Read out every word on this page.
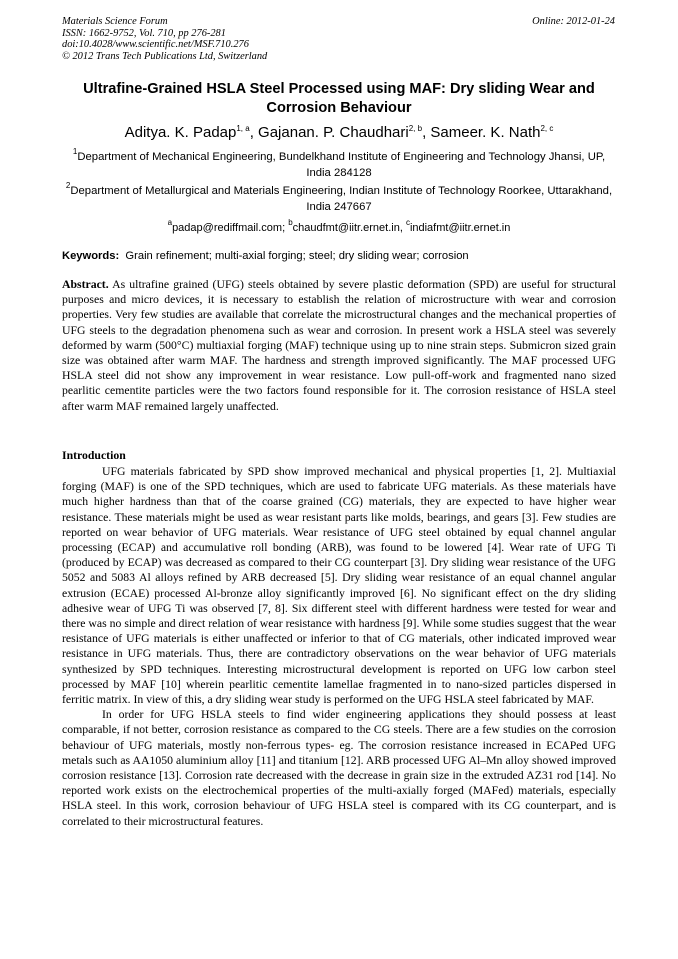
Materials Science Forum
ISSN: 1662-9752, Vol. 710, pp 276-281
doi:10.4028/www.scientific.net/MSF.710.276
© 2012 Trans Tech Publications Ltd, Switzerland
Online: 2012-01-24
Ultrafine-Grained HSLA Steel Processed using MAF: Dry sliding Wear and Corrosion Behaviour
Aditya. K. Padap$^{1, a}$, Gajanan. P. Chaudhari$^{2, b}$, Sameer. K. Nath$^{2, c}$
$^1$Department of Mechanical Engineering, Bundelkhand Institute of Engineering and Technology Jhansi, UP, India 284128
$^2$Department of Metallurgical and Materials Engineering, Indian Institute of Technology Roorkee, Uttarakhand, India 247667
$^a$padap@rediffmail.com; $^b$chaudfmt@iitr.ernet.in, $^c$indiafmt@iitr.ernet.in
Keywords: Grain refinement; multi-axial forging; steel; dry sliding wear; corrosion

Abstract. As ultrafine grained (UFG) steels obtained by severe plastic deformation (SPD) are useful for structural purposes and micro devices, it is necessary to establish the relation of microstructure with wear and corrosion properties. Very few studies are available that correlate the microstructural changes and the mechanical properties of UFG steels to the degradation phenomena such as wear and corrosion. In present work a HSLA steel was severely deformed by warm (500°C) multiaxial forging (MAF) technique using up to nine strain steps. Submicron sized grain size was obtained after warm MAF. The hardness and strength improved significantly. The MAF processed UFG HSLA steel did not show any improvement in wear resistance. Low pull-off-work and fragmented nano sized pearlitic cementite particles were the two factors found responsible for it. The corrosion resistance of HSLA steel after warm MAF remained largely unaffected.

Introduction

UFG materials fabricated by SPD show improved mechanical and physical properties [1, 2]. Multiaxial forging (MAF) is one of the SPD techniques, which are used to fabricate UFG materials. As these materials have much higher hardness than that of the coarse grained (CG) materials, they are expected to have higher wear resistance. These materials might be used as wear resistant parts like molds, bearings, and gears [3]. Few studies are reported on wear behavior of UFG materials. Wear resistance of UFG steel obtained by equal channel angular processing (ECAP) and accumulative roll bonding (ARB), was found to be lowered [4]. Wear rate of UFG Ti (produced by ECAP) was decreased as compared to their CG counterpart [3]. Dry sliding wear resistance of the UFG 5052 and 5083 Al alloys refined by ARB decreased [5]. Dry sliding wear resistance of an equal channel angular extrusion (ECAE) processed Al-bronze alloy significantly improved [6]. No significant effect on the dry sliding adhesive wear of UFG Ti was observed [7, 8]. Six different steel with different hardness were tested for wear and there was no simple and direct relation of wear resistance with hardness [9]. While some studies suggest that the wear resistance of UFG materials is either unaffected or inferior to that of CG materials, other indicated improved wear resistance in UFG materials. Thus, there are contradictory observations on the wear behavior of UFG materials synthesized by SPD techniques. Interesting microstructural development is reported on UFG low carbon steel processed by MAF [10] wherein pearlitic cementite lamellae fragmented in to nano-sized particles dispersed in ferritic matrix. In view of this, a dry sliding wear study is performed on the UFG HSLA steel fabricated by MAF.

In order for UFG HSLA steels to find wider engineering applications they should possess at least comparable, if not better, corrosion resistance as compared to the CG steels. There are a few studies on the corrosion behaviour of UFG materials, mostly non-ferrous types- eg. The corrosion resistance increased in ECAPed UFG metals such as AA1050 aluminium alloy [11] and titanium [12]. ARB processed UFG Al–Mn alloy showed improved corrosion resistance [13]. Corrosion rate decreased with the decrease in grain size in the extruded AZ31 rod [14]. No reported work exists on the electrochemical properties of the multi-axially forged (MAFed) materials, especially HSLA steel. In this work, corrosion behaviour of UFG HSLA steel is compared with its CG counterpart, and is correlated to their microstructural features.
